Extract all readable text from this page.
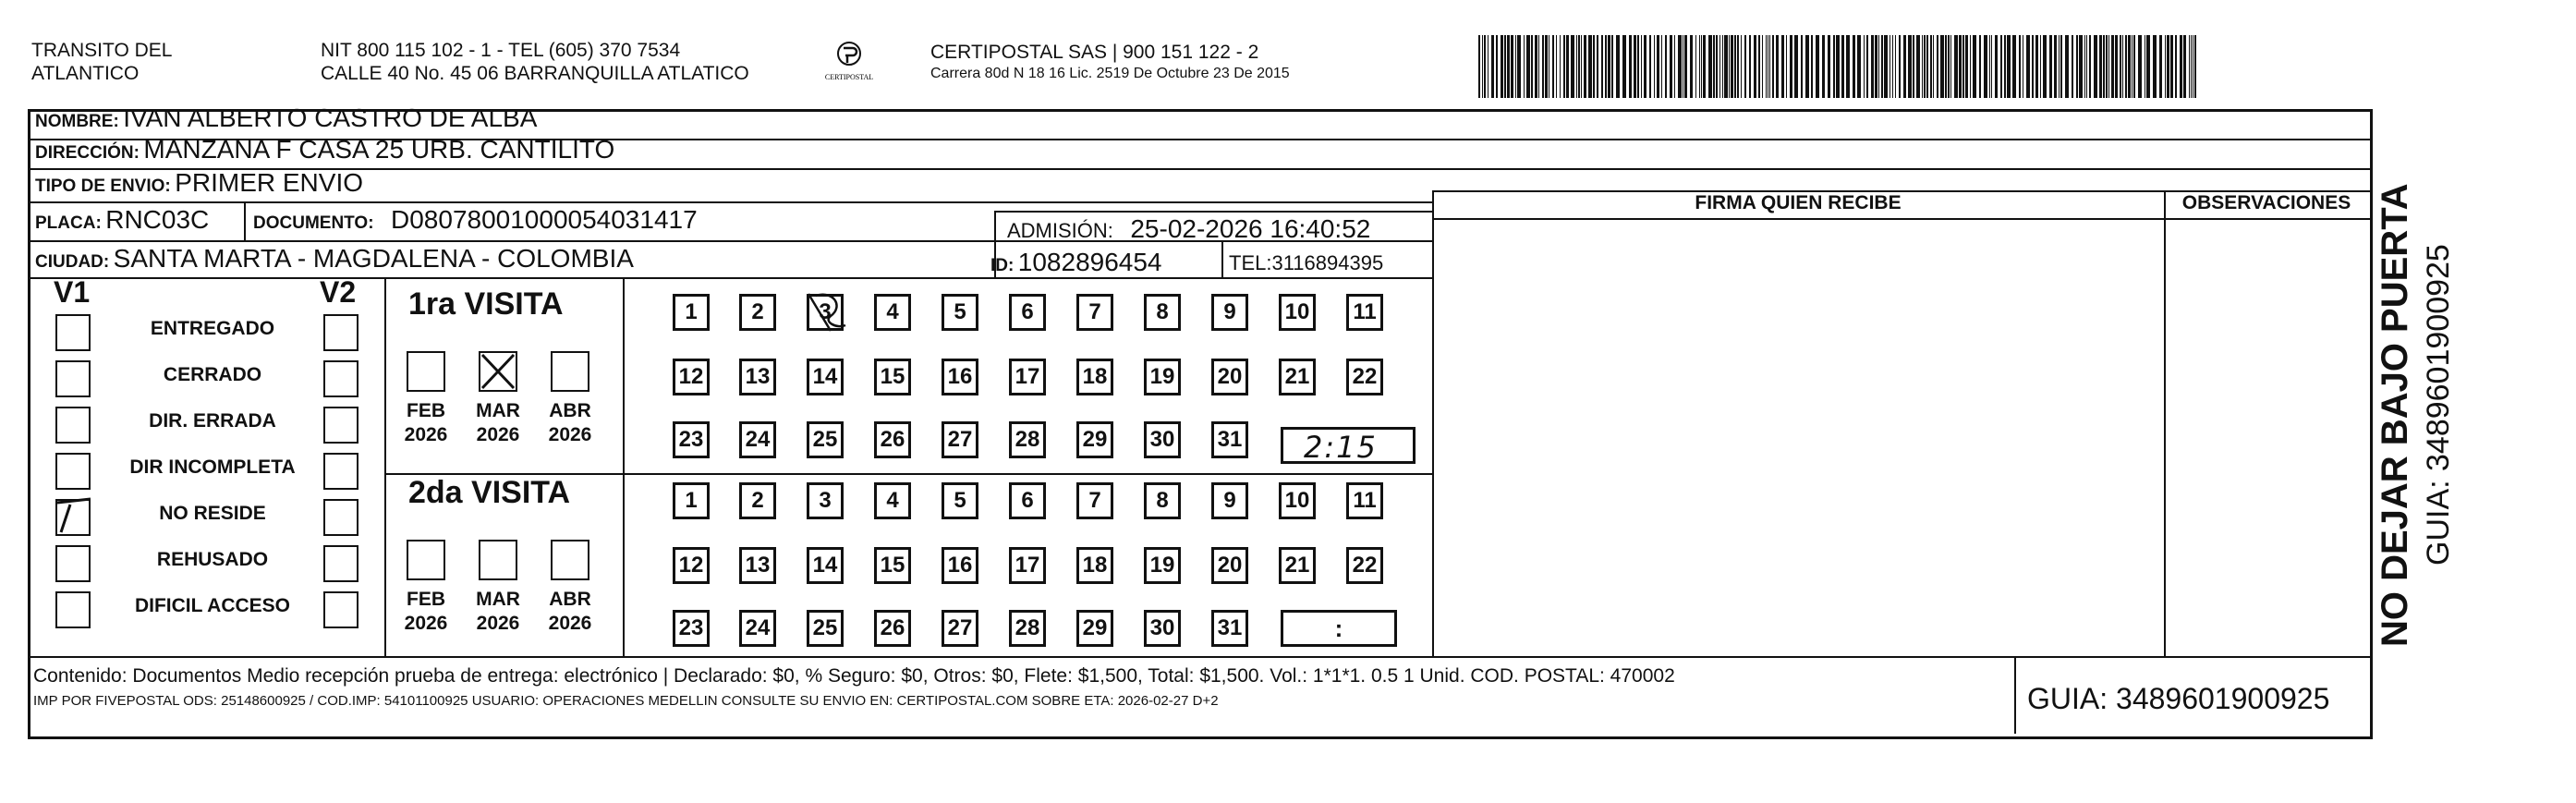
TRANSITO DEL
ATLANTICO
NIT 800 115 102 - 1 - TEL (605) 370 7534
CALLE 40 No. 45 06 BARRANQUILLA ATLATICO	CERTIPOSTAL
CERTIPOSTAL SAS | 900 151 122 - 2
Carrera 80d N 18 16 Lic. 2519 De Octubre 23 De 2015
NOMBRE: IVAN ALBERTO CASTRO DE ALBA
DIRECCIÓN: MANZANA F CASA 25 URB. CANTILITO
TIPO DE ENVIO: PRIMER ENVIO
PLACA: RNC03C	DOCUMENTO: D08078001000054031417	ADMISIÓN: 25-02-2026 16:40:52
CIUDAD: SANTA MARTA - MAGDALENA - COLOMBIA	ID: 1082896454	TEL:3116894395
V1	V2
ENTREGADO
CERRADO
DIR. ERRADA
DIR INCOMPLETA
NO RESIDE
REHUSADO
DIFICIL ACCESO
1ra VISITA
FEB
2026
MAR
2026
ABR
2026
1	2	3	4	5	6	7	8	9	10	11
12 13 14 15 16 17 18 19 20 21 22
23 24 25 26 27 28 29 30 31 2:15
2da VISITA
FEB
2026
MAR
2026
ABR
2026
1	2	3	4	5	6	7	8	9	10	11
12 13 14 15 16 17 18 19 20 21 22
23 24 25 26 27 28 29 30 31	:
FIRMA QUIEN RECIBE	OBSERVACIONES NO DEJAR BAJO PUERTA GUIA: 3489601900925
Contenido: Documentos Medio recepción prueba de entrega: electrónico | Declarado: $0, % Seguro: $0, Otros: $0, Flete: $1,500, Total: $1,500. Vol.: 1*1*1. 0.5 1 Unid. COD. POSTAL: 470002
IMP POR FIVEPOSTAL ODS: 25148600925 / COD.IMP: 54101100925 USUARIO: OPERACIONES MEDELLIN CONSULTE SU ENVIO EN: CERTIPOSTAL.COM SOBRE ETA: 2026-02-27 D+2	GUIA: 3489601900925
